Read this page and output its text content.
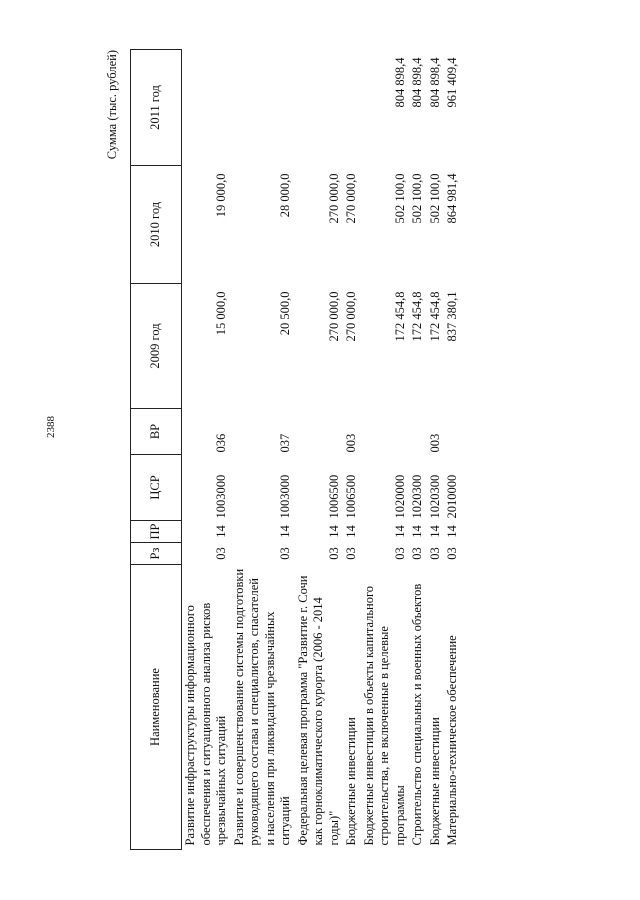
2388
Сумма (тыс. рублей)
Наименование	Рз	ПР	ЦСР	ВР	2009 год	2010 год	2011 год
Развитие инфраструктуры информационного обеспечения и ситуационного анализа рисков чрезвычайных ситуаций	03	14	1003000	036	15 000,0	19 000,0	
Развитие и совершенствование системы подготовки руководящего состава и специалистов, спасателей и населения при ликвидации чрезвычайных ситуаций	03	14	1003000	037	20 500,0	28 000,0	
Федеральная целевая программа "Развитие г. Сочи как горноклиматического курорта (2006 - 2014 годы)"	03	14	1006500		270 000,0	270 000,0	
Бюджетные инвестиции	03	14	1006500	003	270 000,0	270 000,0	
Бюджетные инвестиции в объекты капитального строительства, не включенные в целевые программы	03	14	1020000		172 454,8	502 100,0	804 898,4
Строительство специальных и военных объектов	03	14	1020300		172 454,8	502 100,0	804 898,4
Бюджетные инвестиции	03	14	1020300	003	172 454,8	502 100,0	804 898,4
Материально-техническое обеспечение	03	14	2010000		837 380,1	864 981,4	961 409,4
